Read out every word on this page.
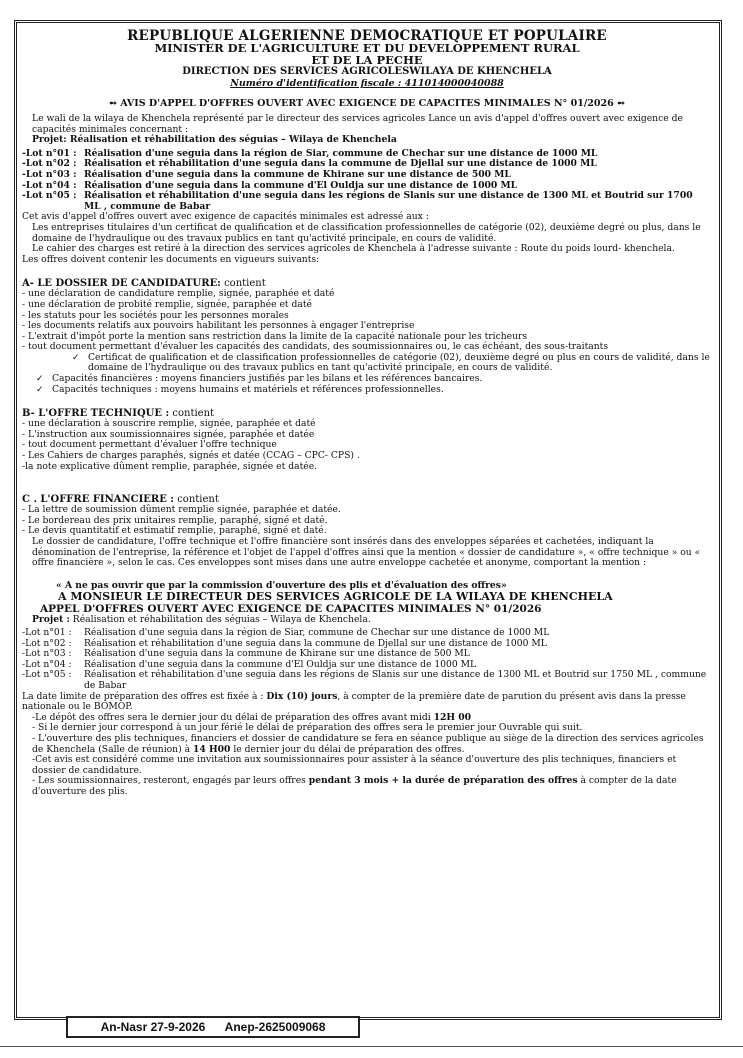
REPUBLIQUE ALGERIENNE DEMOCRATIQUE ET POPULAIRE
MINISTER DE L'AGRICULTURE ET DU DEVELOPPEMENT RURAL
ET DE LA PECHE
DIRECTION DES SERVICES AGRICOLESWILAYA DE KHENCHELA
Numéro d'identification fiscale : 411014000040088
➻ AVIS D'APPEL D'OFFRES OUVERT AVEC EXIGENCE DE CAPACITES MINIMALES N° 01/2026 ➻

Le wali de la wilaya de Khenchela représenté par le directeur des services agricoles Lance un avis d'appel d'offres ouvert avec exigence de capacités minimales concernant :

Projet: Réalisation et réhabilitation des séguias – Wilaya de Khenchela

-Lot n°01 : Réalisation d'une seguia dans la région de Siar, commune de Chechar sur une distance de 1000 ML
-Lot n°02 : Réalisation et réhabilitation d'une seguia dans la commune de Djellal sur une distance de 1000 ML
-Lot n°03 : Réalisation d'une seguia dans la commune de Khirane sur une distance de 500 ML
-Lot n°04 : Réalisation d'une seguia dans la commune d'El Ouldja sur une distance de 1000 ML
-Lot n°05 : Réalisation et réhabilitation d'une seguia dans les régions de Slanis sur une distance de 1300 ML et Boutrid sur 1700 ML , commune de Babar

Cet avis d'appel d'offres ouvert avec exigence de capacités minimales est adressé aux :

Les entreprises titulaires d'un certificat de qualification et de classification professionnelles de catégorie (02), deuxième degré ou plus, dans le domaine de l'hydraulique ou des travaux publics en tant qu'activité principale, en cours de validité.

Le cahier des charges est retiré à la direction des services agricoles de Khenchela à l'adresse suivante : Route du poids lourd- khenchela.

Les offres doivent contenir les documents en vigueurs suivants:

A- LE DOSSIER DE CANDIDATURE: contient

- une déclaration de candidature remplie, signée, paraphée et daté

- une déclaration de probité remplie, signée, paraphée et daté

- les statuts pour les sociétés pour les personnes morales

- les documents relatifs aux pouvoirs habilitant les personnes à engager l'entreprise

- L'extrait d'impôt porte la mention sans restriction dans la limite de la capacité nationale pour les tricheurs

- tout document permettant d'évaluer les capacités des candidats, des soumissionnaires ou, le cas échéant, des sous-traitants

✓ Certificat de qualification et de classification professionnelles de catégorie (02), deuxième degré ou plus en cours de validité, dans le domaine de l'hydraulique ou des travaux publics en tant qu'activité principale, en cours de validité.
✓ Capacités financières : moyens financiers justifiés par les bilans et les références bancaires.
✓ Capacités techniques : moyens humains et matériels et références professionnelles.
B- L'OFFRE TECHNIQUE : contient

- une déclaration à souscrire remplie, signée, paraphée et daté

- L'instruction aux soumissionnaires signée, paraphée et datée

- tout document permettant d'évaluer l'offre technique

- Les Cahiers de charges paraphés, signés et datée (CCAG – CPC- CPS) .

-la note explicative dûment remplie, paraphée, signée et datée.

C . L'OFFRE FINANCIERE : contient

- La lettre de soumission dûment remplie signée, paraphée et datée.

- Le bordereau des prix unitaires remplie, paraphé, signé et daté.

- Le devis quantitatif et estimatif remplie, paraphé, signé et daté.

Le dossier de candidature, l'offre technique et l'offre financière sont insérés dans des enveloppes séparées et cachetées, indiquant la dénomination de l'entreprise, la référence et l'objet de l'appel d'offres ainsi que la mention « dossier de candidature », « offre technique » ou « offre financière », selon le cas. Ces enveloppes sont mises dans une autre enveloppe cachetée et anonyme, comportant la mention :

« A ne pas ouvrir que par la commission d'ouverture des plis et d'évaluation des offres»

A MONSIEUR LE DIRECTEUR DES SERVICES AGRICOLE DE LA WILAYA DE KHENCHELA
APPEL D'OFFRES OUVERT AVEC EXIGENCE DE CAPACITES MINIMALES N° 01/2026

Projet : Réalisation et réhabilitation des séguias – Wilaya de Khenchela.

-Lot n°01 :	Réalisation d'une seguia dans la région de Siar, commune de Chechar sur une distance de 1000 ML
-Lot n°02 :	Réalisation et réhabilitation d'une seguia dans la commune de Djellal sur une distance de 1000 ML
-Lot n°03 :	Réalisation d'une seguia dans la commune de Khirane sur une distance de 500 ML
-Lot n°04 :	Réalisation d'une seguia dans la commune d'El Ouldja sur une distance de 1000 ML
-Lot n°05 :	Réalisation et réhabilitation d'une seguia dans les régions de Slanis sur une distance de 1300 ML et Boutrid sur 1750 ML , commune de Babar

La date limite de préparation des offres est fixée à : Dix (10) jours, à compter de la première date de parution du présent avis dans la presse nationale ou le BOMOP.

-Le dépôt des offres sera le dernier jour du délai de préparation des offres avant midi 12H 00

- Si le dernier jour correspond à un jour férié le délai de préparation des offres sera le premier jour Ouvrable qui suit.

- L'ouverture des plis techniques, financiers et dossier de candidature se fera en séance publique au siège de la direction des services agricoles de Khenchela (Salle de réunion) à 14 H00 le dernier jour du délai de préparation des offres.

-Cet avis est considéré comme une invitation aux soumissionnaires pour assister à la séance d'ouverture des plis techniques, financiers et dossier de candidature.

- Les soumissionnaires, resteront, engagés par leurs offres pendant 3 mois + la durée de préparation des offres à compter de la date d'ouverture des plis.

An-Nasr 27-9-2026 Anep-2625009068
